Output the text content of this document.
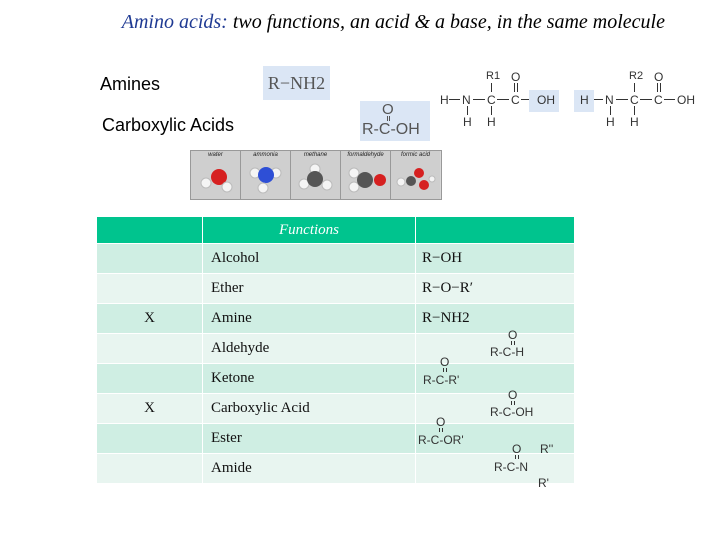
Amino acids: two functions, an acid & a base, in the same molecule
Amines	R−NH2
Carboxylic Acids
O
R-C-OH
water	ammonia	methane	formaldehyde	formic acid
H N C C OH
R1 O
H
H
H N C C OH
R2 O
H
H
	Functions	
	Alcohol	R−OH
	Ether	R−O−R′
X	Amine	R−NH2
	Aldehyde	O
R-C-H

	Ketone	O
R-C-R'

X	Carboxylic Acid	O
R-C-OH

	Ester	O
R-C-OR'

	Amide	O R''
R-C-N
R'
